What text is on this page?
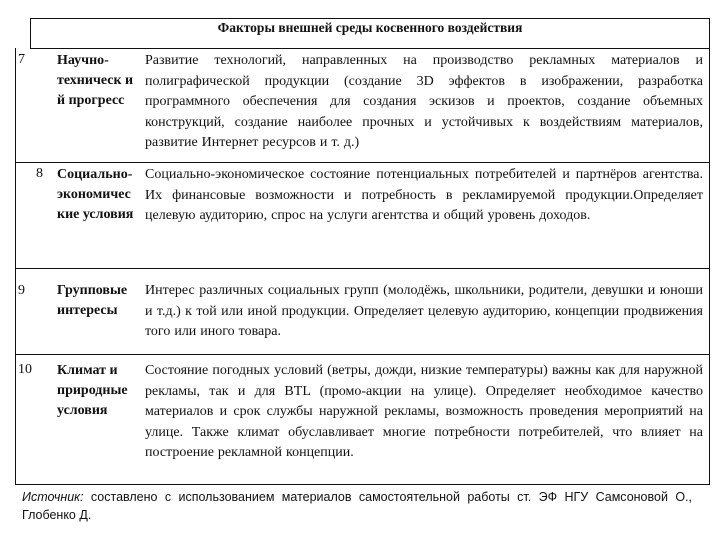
Факторы внешней среды косвенного воздействия
7 Научно-
техническ и
й прогресс
Развитие технологий, направленных на производство рекламных материалов и полиграфической продукции (создание 3D эффектов в изображении, разработка программного обеспечения для создания эскизов и проектов, создание объемных конструкций, создание наиболее прочных и устойчивых к воздействиям материалов, развитие Интернет ресурсов и т. д.)
8 Социально-
экономичес
кие условия
Социально-экономическое состояние потенциальных потребителей и партнёров агентства. Их финансовые возможности и потребность в рекламируемой продукции.Определяет целевую аудиторию, спрос на услуги агентства и общий уровень доходов.
9 Групповые
интересы
Интерес различных социальных групп (молодёжь, школьники, родители, девушки и юноши и т.д.) к той или иной продукции. Определяет целевую аудиторию, концепции продвижения того или иного товара.
10 Климат и
природные
условия
Состояние погодных условий (ветры, дожди, низкие температуры) важны как для наружной рекламы, так и для BTL (промо-акции на улице). Определяет необходимое качество материалов и срок службы наружной рекламы, возможность проведения мероприятий на улице. Также климат обуславливает многие потребности потребителей, что влияет на построение рекламной концепции.
Источник: составлено с использованием материалов самостоятельной работы ст. ЭФ НГУ Самсоновой О., Глобенко Д.
